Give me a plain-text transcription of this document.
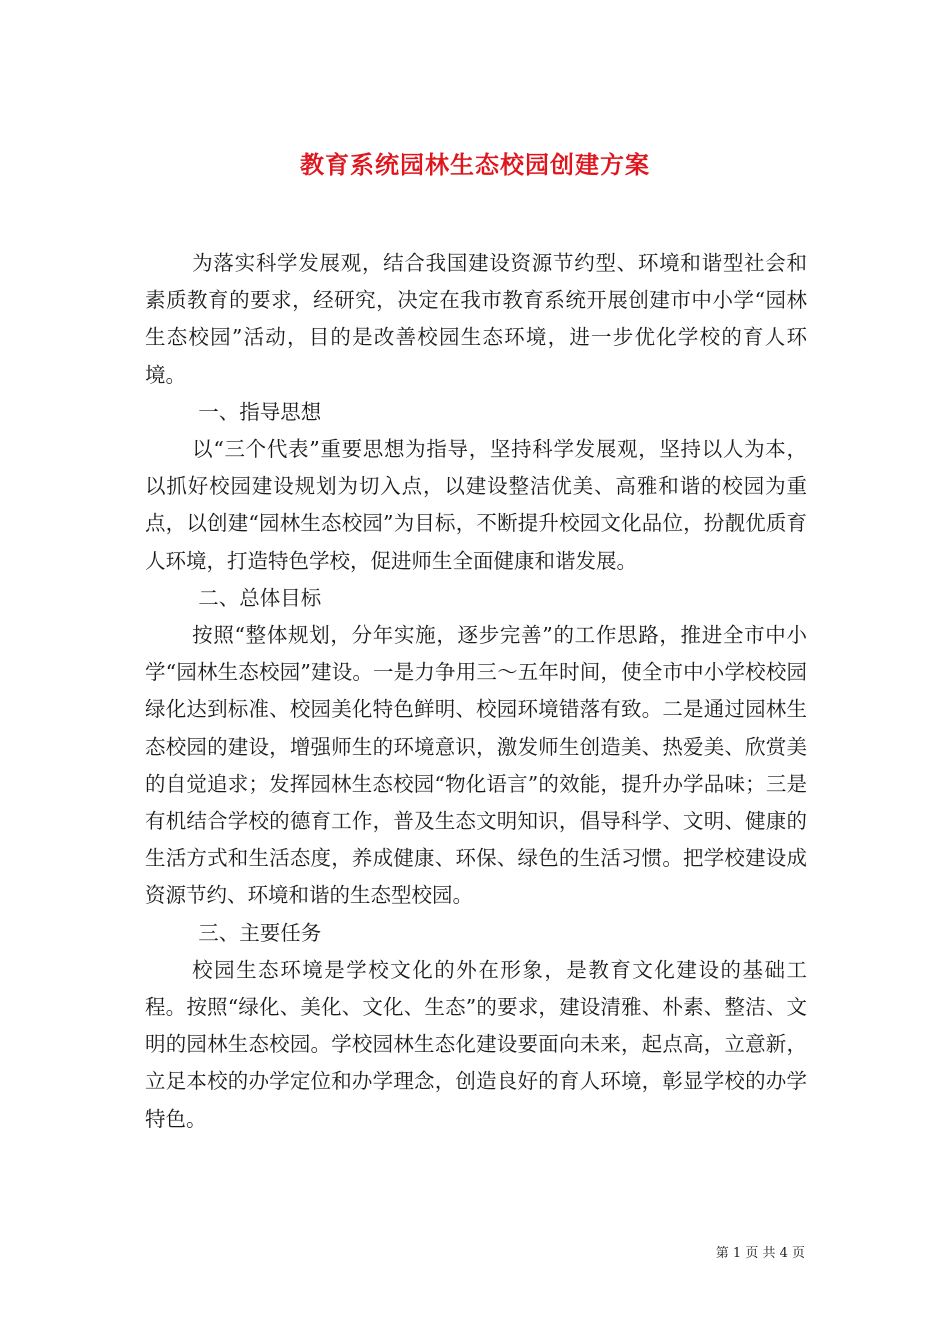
教育系统园林生态校园创建方案

为落实科学发展观，结合我国建设资源节约型、环境和谐型社会和素质教育的要求，经研究，决定在我市教育系统开展创建市中小学“园林生态校园”活动，目的是改善校园生态环境，进一步优化学校的育人环境。

一、指导思想

以“三个代表”重要思想为指导，坚持科学发展观，坚持以人为本，以抓好校园建设规划为切入点，以建设整洁优美、高雅和谐的校园为重点，以创建“园林生态校园”为目标，不断提升校园文化品位，扮靓优质育人环境，打造特色学校，促进师生全面健康和谐发展。

二、总体目标

按照“整体规划，分年实施，逐步完善”的工作思路，推进全市中小学“园林生态校园”建设。一是力争用三～五年时间，使全市中小学校校园绿化达到标准、校园美化特色鲜明、校园环境错落有致。二是通过园林生态校园的建设，增强师生的环境意识，激发师生创造美、热爱美、欣赏美的自觉追求；发挥园林生态校园“物化语言”的效能，提升办学品味；三是有机结合学校的德育工作，普及生态文明知识，倡导科学、文明、健康的生活方式和生活态度，养成健康、环保、绿色的生活习惯。把学校建设成资源节约、环境和谐的生态型校园。

三、主要任务

校园生态环境是学校文化的外在形象，是教育文化建设的基础工程。按照“绿化、美化、文化、生态”的要求，建设清雅、朴素、整洁、文明的园林生态校园。学校园林生态化建设要面向未来，起点高，立意新，立足本校的办学定位和办学理念，创造良好的育人环境，彰显学校的办学特色。

第 1 页 共 4 页
